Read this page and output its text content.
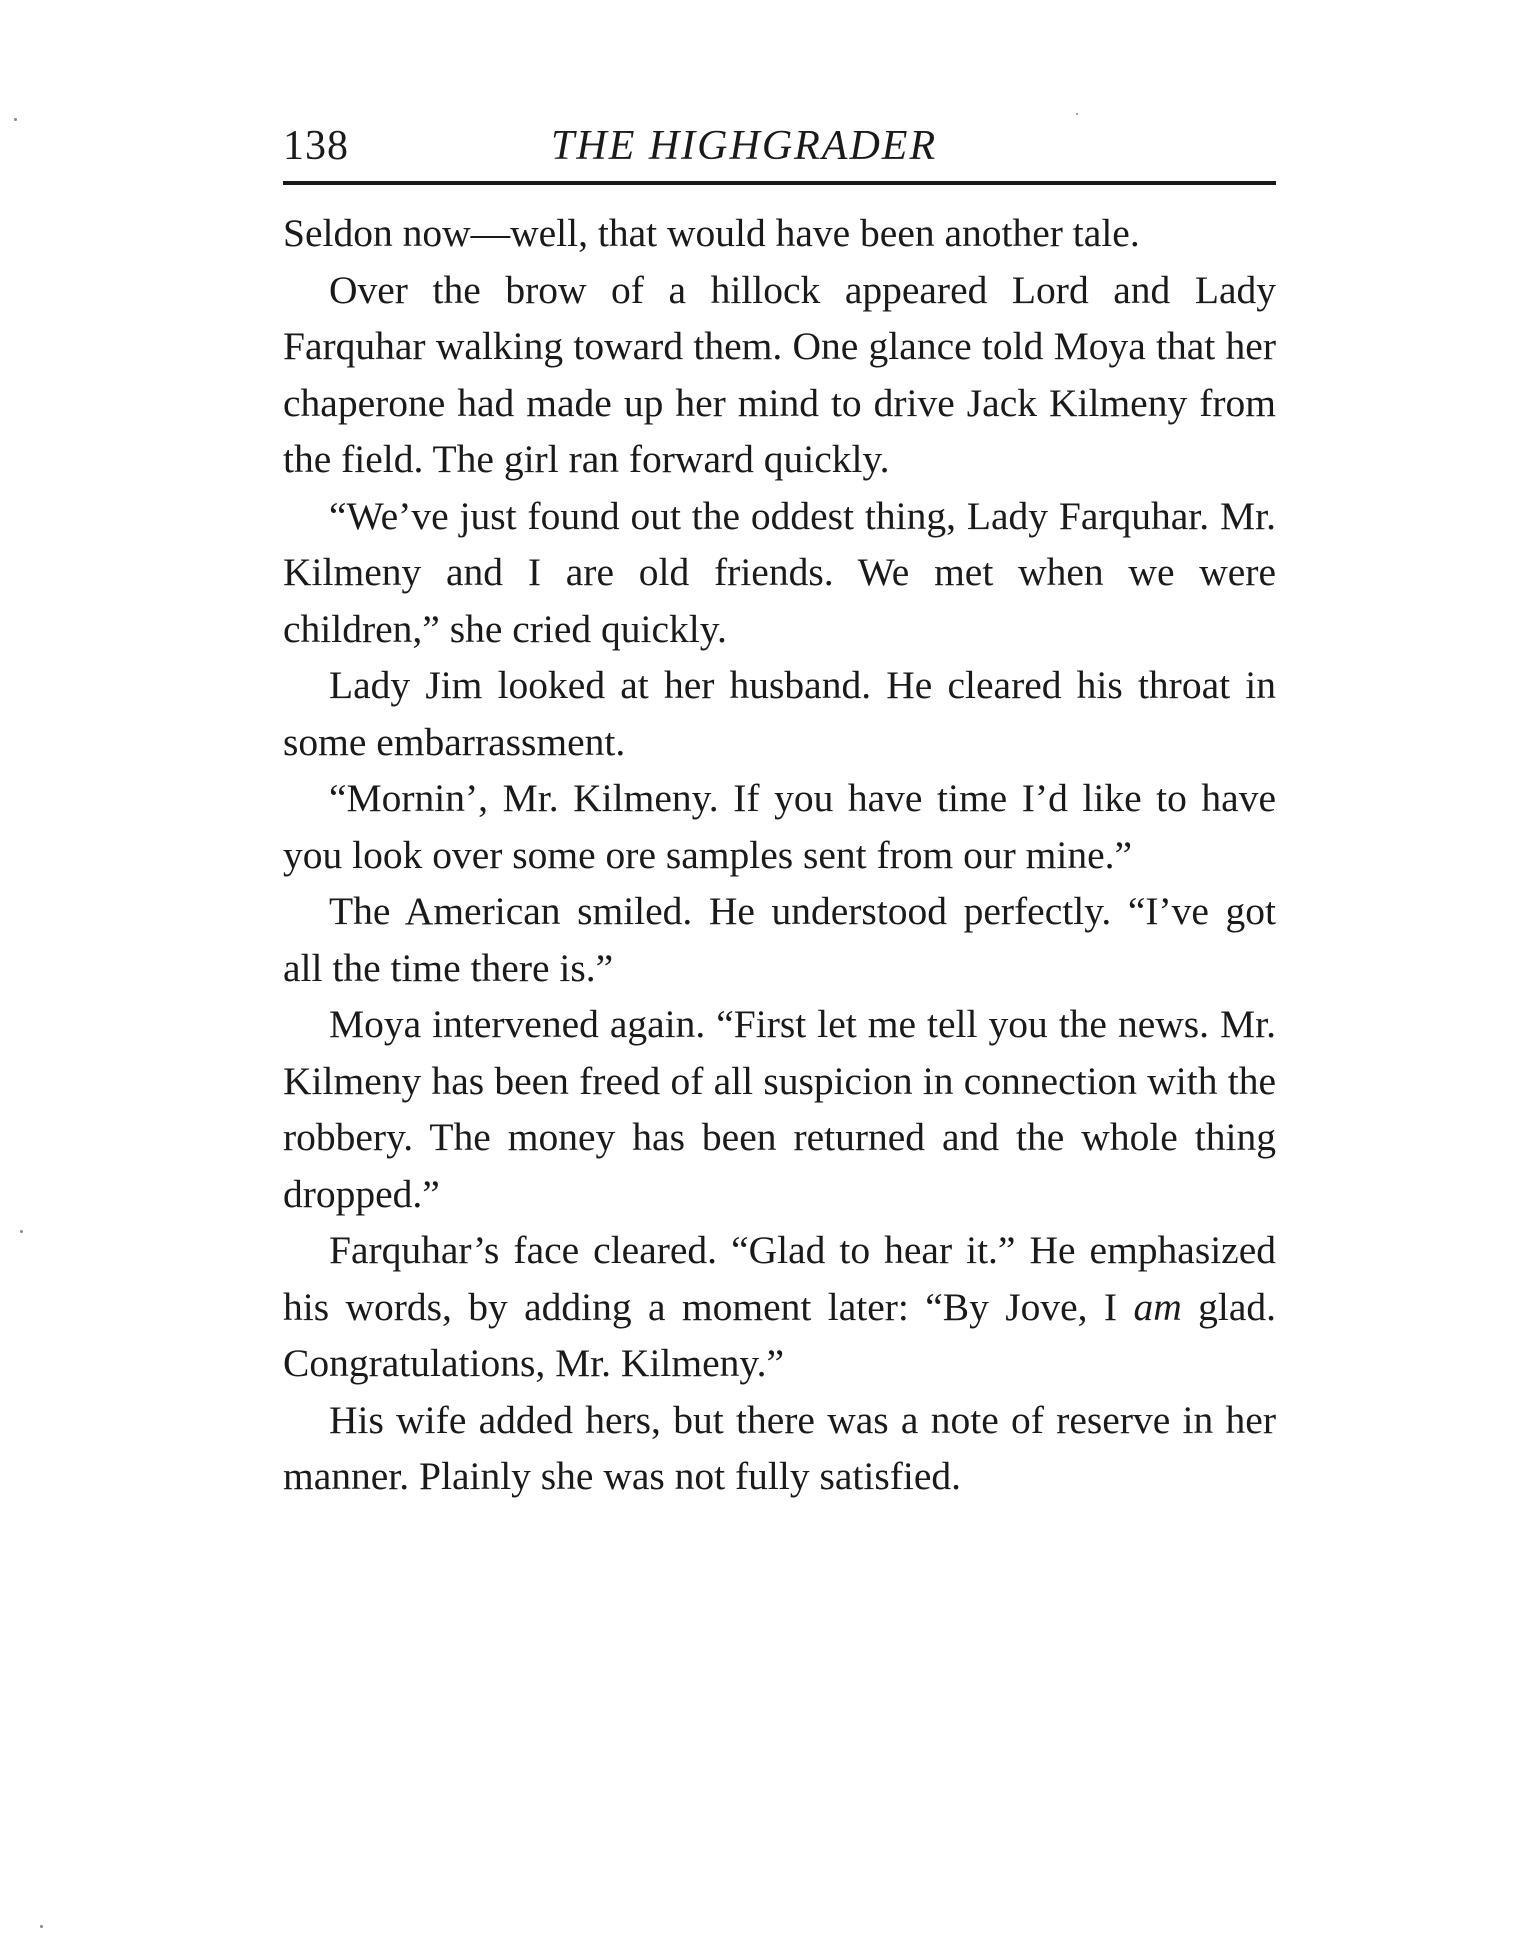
138	THE HIGHGRADER

Seldon now—well, that would have been another tale.

Over the brow of a hillock appeared Lord and Lady Farquhar walking toward them. One glance told Moya that her chaperone had made up her mind to drive Jack Kilmeny from the field. The girl ran forward quickly.

“We’ve just found out the oddest thing, Lady Farquhar. Mr. Kilmeny and I are old friends. We met when we were children,” she cried quickly.

Lady Jim looked at her husband. He cleared his throat in some embarrassment.

“Mornin’, Mr. Kilmeny. If you have time I’d like to have you look over some ore samples sent from our mine.”

The American smiled. He understood perfectly. “I’ve got all the time there is.”

Moya intervened again. “First let me tell you the news. Mr. Kilmeny has been freed of all suspicion in connection with the robbery. The money has been returned and the whole thing dropped.”

Farquhar’s face cleared. “Glad to hear it.” He emphasized his words, by adding a moment later: “By Jove, I am glad. Congratulations, Mr. Kilmeny.”

His wife added hers, but there was a note of reserve in her manner. Plainly she was not fully satisfied.
